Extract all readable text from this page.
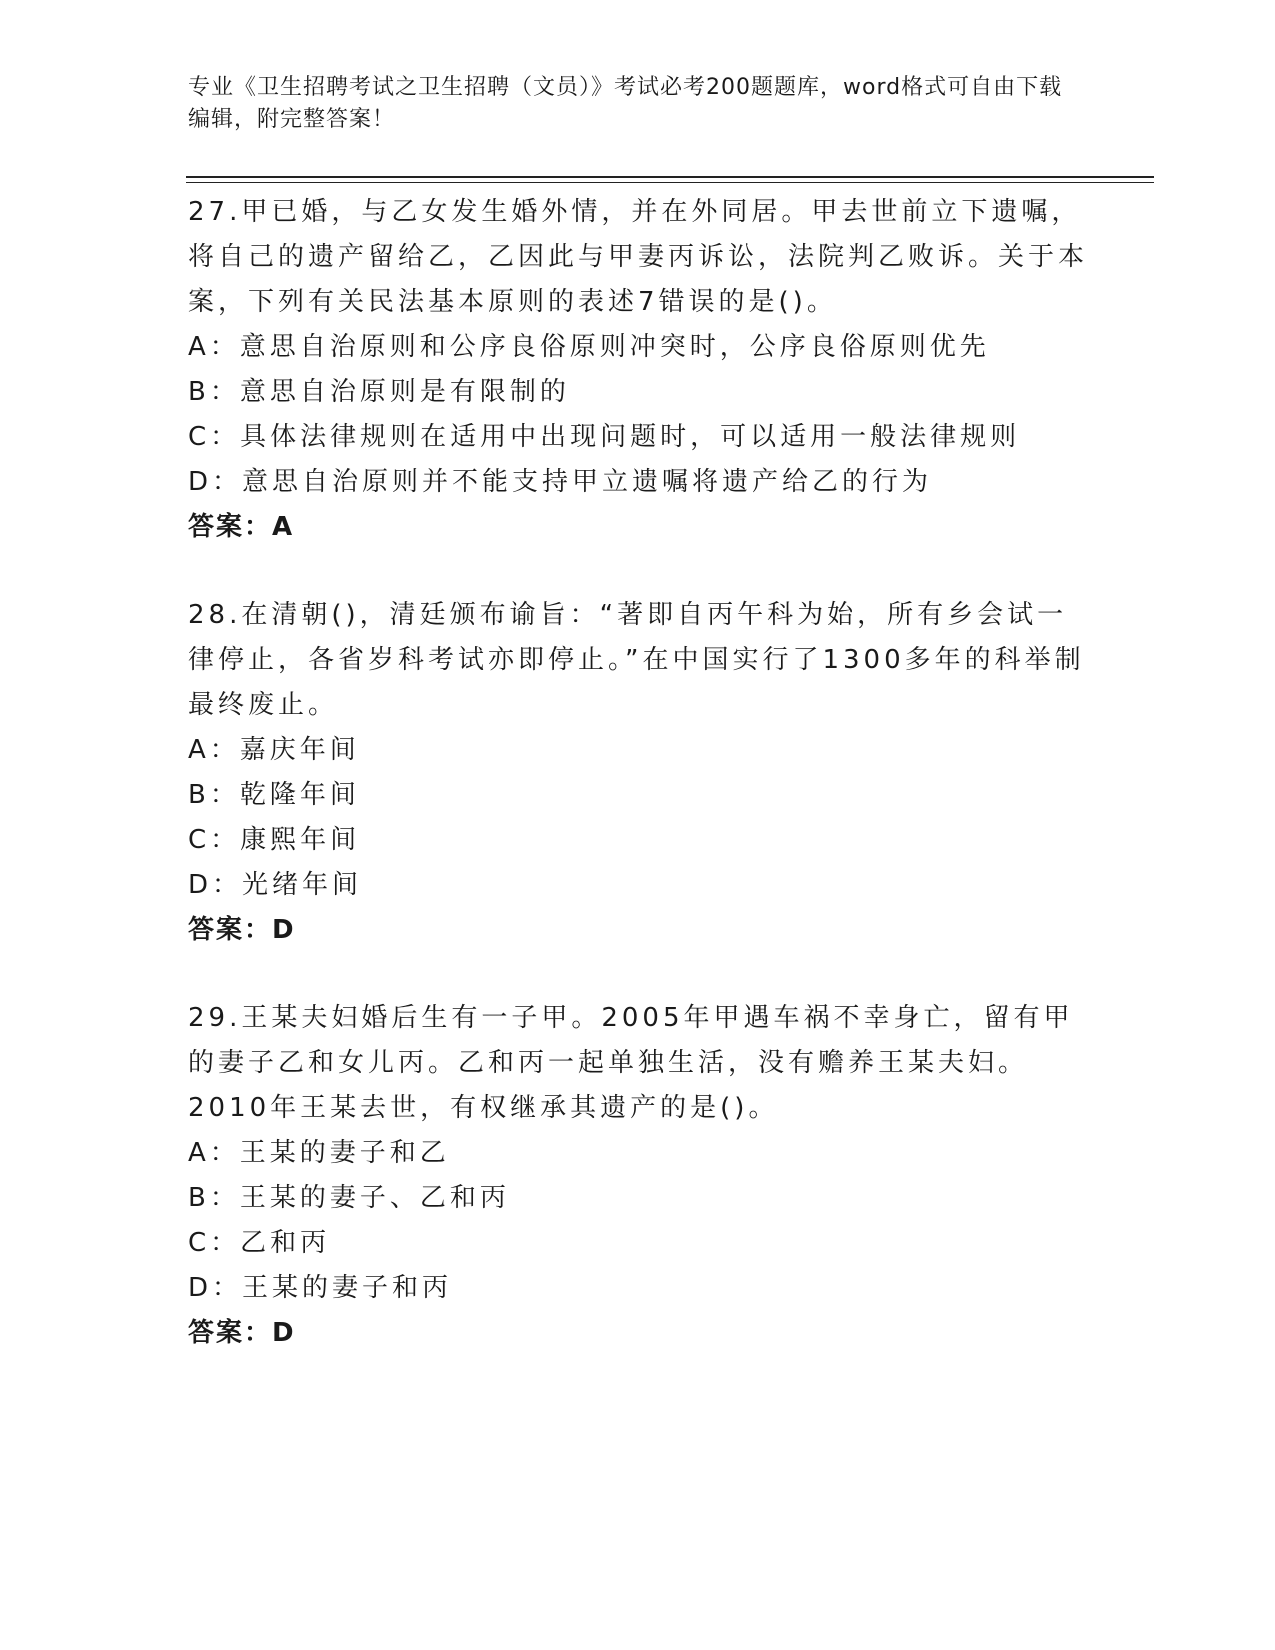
专业《卫生招聘考试之卫生招聘（文员）》考试必考200题题库，word格式可自由下载编辑，附完整答案！
27.甲已婚，与乙女发生婚外情，并在外同居。甲去世前立下遗嘱，将自己的遗产留给乙，乙因此与甲妻丙诉讼，法院判乙败诉。关于本案，下列有关民法基本原则的表述7错误的是()。
A：意思自治原则和公序良俗原则冲突时，公序良俗原则优先
B：意思自治原则是有限制的
C：具体法律规则在适用中出现问题时，可以适用一般法律规则
D：意思自治原则并不能支持甲立遗嘱将遗产给乙的行为
答案：A
28.在清朝()，清廷颁布谕旨：“著即自丙午科为始，所有乡会试一律停止，各省岁科考试亦即停止。”在中国实行了1300多年的科举制最终废止。
A：嘉庆年间
B：乾隆年间
C：康熙年间
D：光绪年间
答案：D
29.王某夫妇婚后生有一子甲。2005年甲遇车祸不幸身亡，留有甲的妻子乙和女儿丙。乙和丙一起单独生活，没有赡养王某夫妇。2010年王某去世，有权继承其遗产的是()。
A：王某的妻子和乙
B：王某的妻子、乙和丙
C：乙和丙
D：王某的妻子和丙
答案：D
